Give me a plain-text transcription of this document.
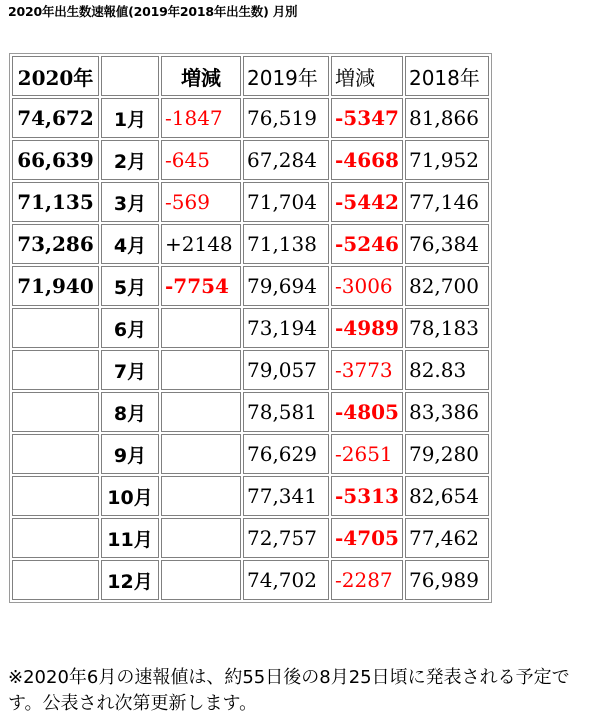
2020年出生数速報値(2019年2018年出生数) 月別
2020年		増減	2019年	増減	2018年
74,672	1月	-1847	76,519	-5347	81,866
66,639	2月	-645	67,284	-4668	71,952
71,135	3月	-569	71,704	-5442	77,146
73,286	4月	+2148	71,138	-5246	76,384
71,940	5月	-7754	79,694	-3006	82,700
	6月		73,194	-4989	78,183
	7月		79,057	-3773	82.83
	8月		78,581	-4805	83,386
	9月		76,629	-2651	79,280
	10月		77,341	-5313	82,654
	11月		72,757	-4705	77,462
	12月		74,702	-2287	76,989
※2020年6月の速報値は、約55日後の8月25日頃に発表される予定です。公表され次第更新します。
